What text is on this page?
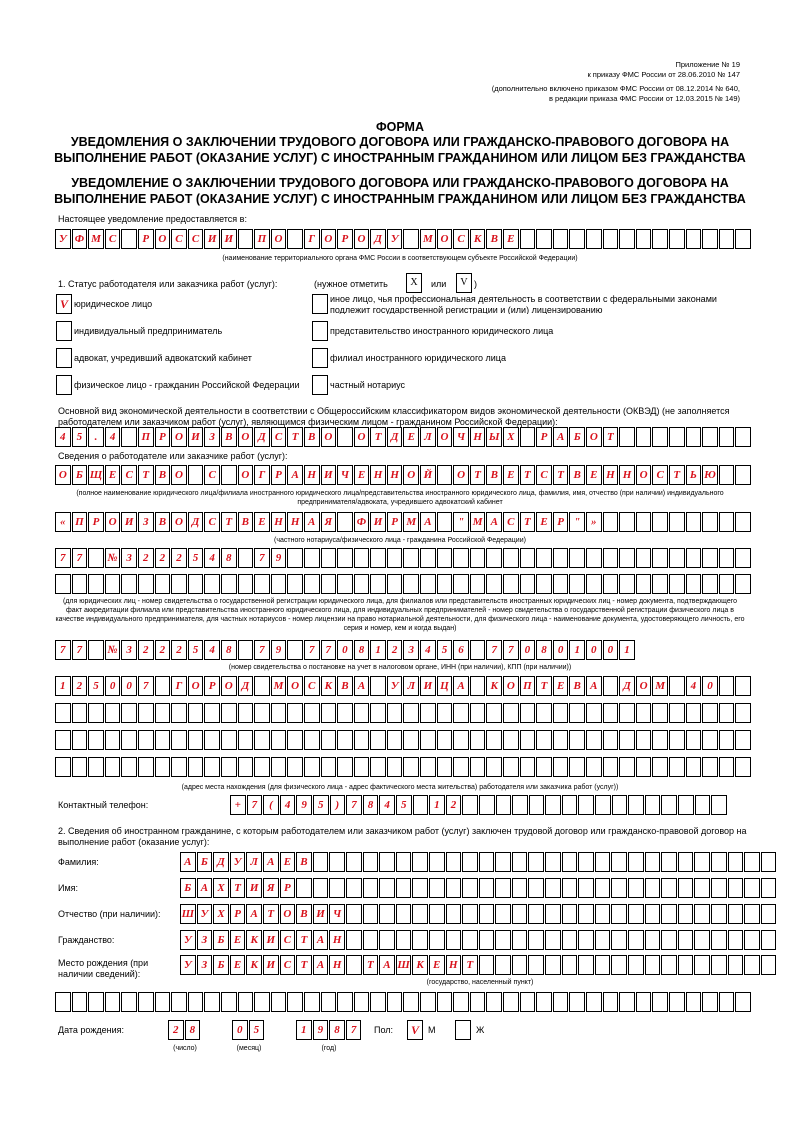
Приложение № 19
к приказу ФМС России от 28.06.2010 № 147
(дополнительно включено приказом ФМС России от 08.12.2014 № 640,
в редакции приказа ФМС России от 12.03.2015 № 149)
ФОРМА
УВЕДОМЛЕНИЯ О ЗАКЛЮЧЕНИИ ТРУДОВОГО ДОГОВОРА ИЛИ ГРАЖДАНСКО-ПРАВОВОГО ДОГОВОРА НА
ВЫПОЛНЕНИЕ РАБОТ (ОКАЗАНИЕ УСЛУГ) С ИНОСТРАННЫМ ГРАЖДАНИНОМ ИЛИ ЛИЦОМ БЕЗ ГРАЖДАНСТВА
УВЕДОМЛЕНИЕ О ЗАКЛЮЧЕНИИ ТРУДОВОГО ДОГОВОРА ИЛИ ГРАЖДАНСКО-ПРАВОВОГО ДОГОВОРА НА
ВЫПОЛНЕНИЕ РАБОТ (ОКАЗАНИЕ УСЛУГ) С ИНОСТРАННЫМ ГРАЖДАНИНОМ ИЛИ ЛИЦОМ БЕЗ ГРАЖДАНСТВА
Настоящее уведомление предоставляется в:
У Ф М С	Р О С С И И	П О	Г О Р О Д У	М О С К В Е
(наименование территориального органа ФМС России в соответствующем субъекте Российской Федерации)
1. Статус работодателя или заказчика работ (услуг):	(нужное отметить	X	или	V )
V юридическое лицо
индивидуальный предприниматель
адвокат, учредивший адвокатский кабинет
физическое лицо - гражданин Российской Федерации
иное лицо, чья профессиональная деятельность в соответствии с федеральными законами подлежит государственной регистрации и (или) лицензированию
представительство иностранного юридического лица
филиал иностранного юридического лица
частный нотариус
Основной вид экономической деятельности в соответствии с Общероссийским классификатором видов экономической деятельности (ОКВЭД) (не заполняется работодателем или заказчиком работ (услуг), являющимся физическим лицом - гражданином Российской Федерации):
4	5	.	4	П Р О И З В О Д С Т В О	О Т Д Е Л О Ч Н Ы Х	Р А Б О Т
Сведения о работодателе или заказчике работ (услуг):
О Б Щ Е С Т В О	С	О Г Р А Н И Ч Е Н Н О Й	О Т В Е Т С Т В Е Н Н О С Т Ь Ю
(полное наименование юридического лица/филиала иностранного юридического лица/представительства иностранного юридического лица, фамилия, имя, отчество (при наличии) индивидуального предпринимателя/адвоката, учредившего адвокатский кабинет
« П Р О И З В О Д С Т В Е Н Н А Я	Ф И Р М А	" М А С Т Е Р " »
(частного нотариуса/физического лица - гражданина Российской Федерации)
7	7	№ 3	2	2	2	5	4	8	7	9
(для юридических лиц - номер свидетельства о государственной регистрации юридического лица, для филиалов или представительств иностранных юридических лиц - номер документа, подтверждающего факт аккредитации филиала или представительства иностранного юридического лица, для индивидуальных предпринимателей - номер свидетельства о государственной регистрации физического лица в качестве индивидуального предпринимателя, для частных нотариусов - номер лицензии на право нотариальной деятельности, для физического лица - наименование документа, удостоверяющего личность, его серия и номер, кем и когда выдан)
7	7	№ 3	2	2	2	5	4	8	7	9	7	7	0	8	1	2	3	4	5	6	7	7	0	8	0	1	0	0	1
(номер свидетельства о постановке на учет в налоговом органе, ИНН (при наличии), КПП (при наличии))
1	2	5	0	0	7	Г О Р О Д	М О С К В А	У Л И Ц А	К О П Т Е В А	Д О М	4	0
(адрес места нахождения (для физического лица - адрес фактического места жительства) работодателя или заказчика работ (услуг))
Контактный телефон:	+ 7	(	4	9	5	)	7	8	4	5	1	2
2. Сведения об иностранном гражданине, с которым работодателем или заказчиком работ (услуг) заключен трудовой договор или гражданско-правовой договор на выполнение работ (оказание услуг):
Фамилия:	А Б Д У Л А Е В
Имя:	Б А Х Т И Я Р
Отчество (при наличии): Ш У Х Р А Т О В И Ч
Гражданство:	У З Б Е К И С Т А Н
Место рождения (при наличии сведений):
У З Б Е К И С Т А Н	Т А Ш К Е Н Т
(государство, населенный пункт)
Дата рождения:	2	8	0	5	1	9	8	7
(число)	(месяц)	(год)
Пол:	V	М	Ж
